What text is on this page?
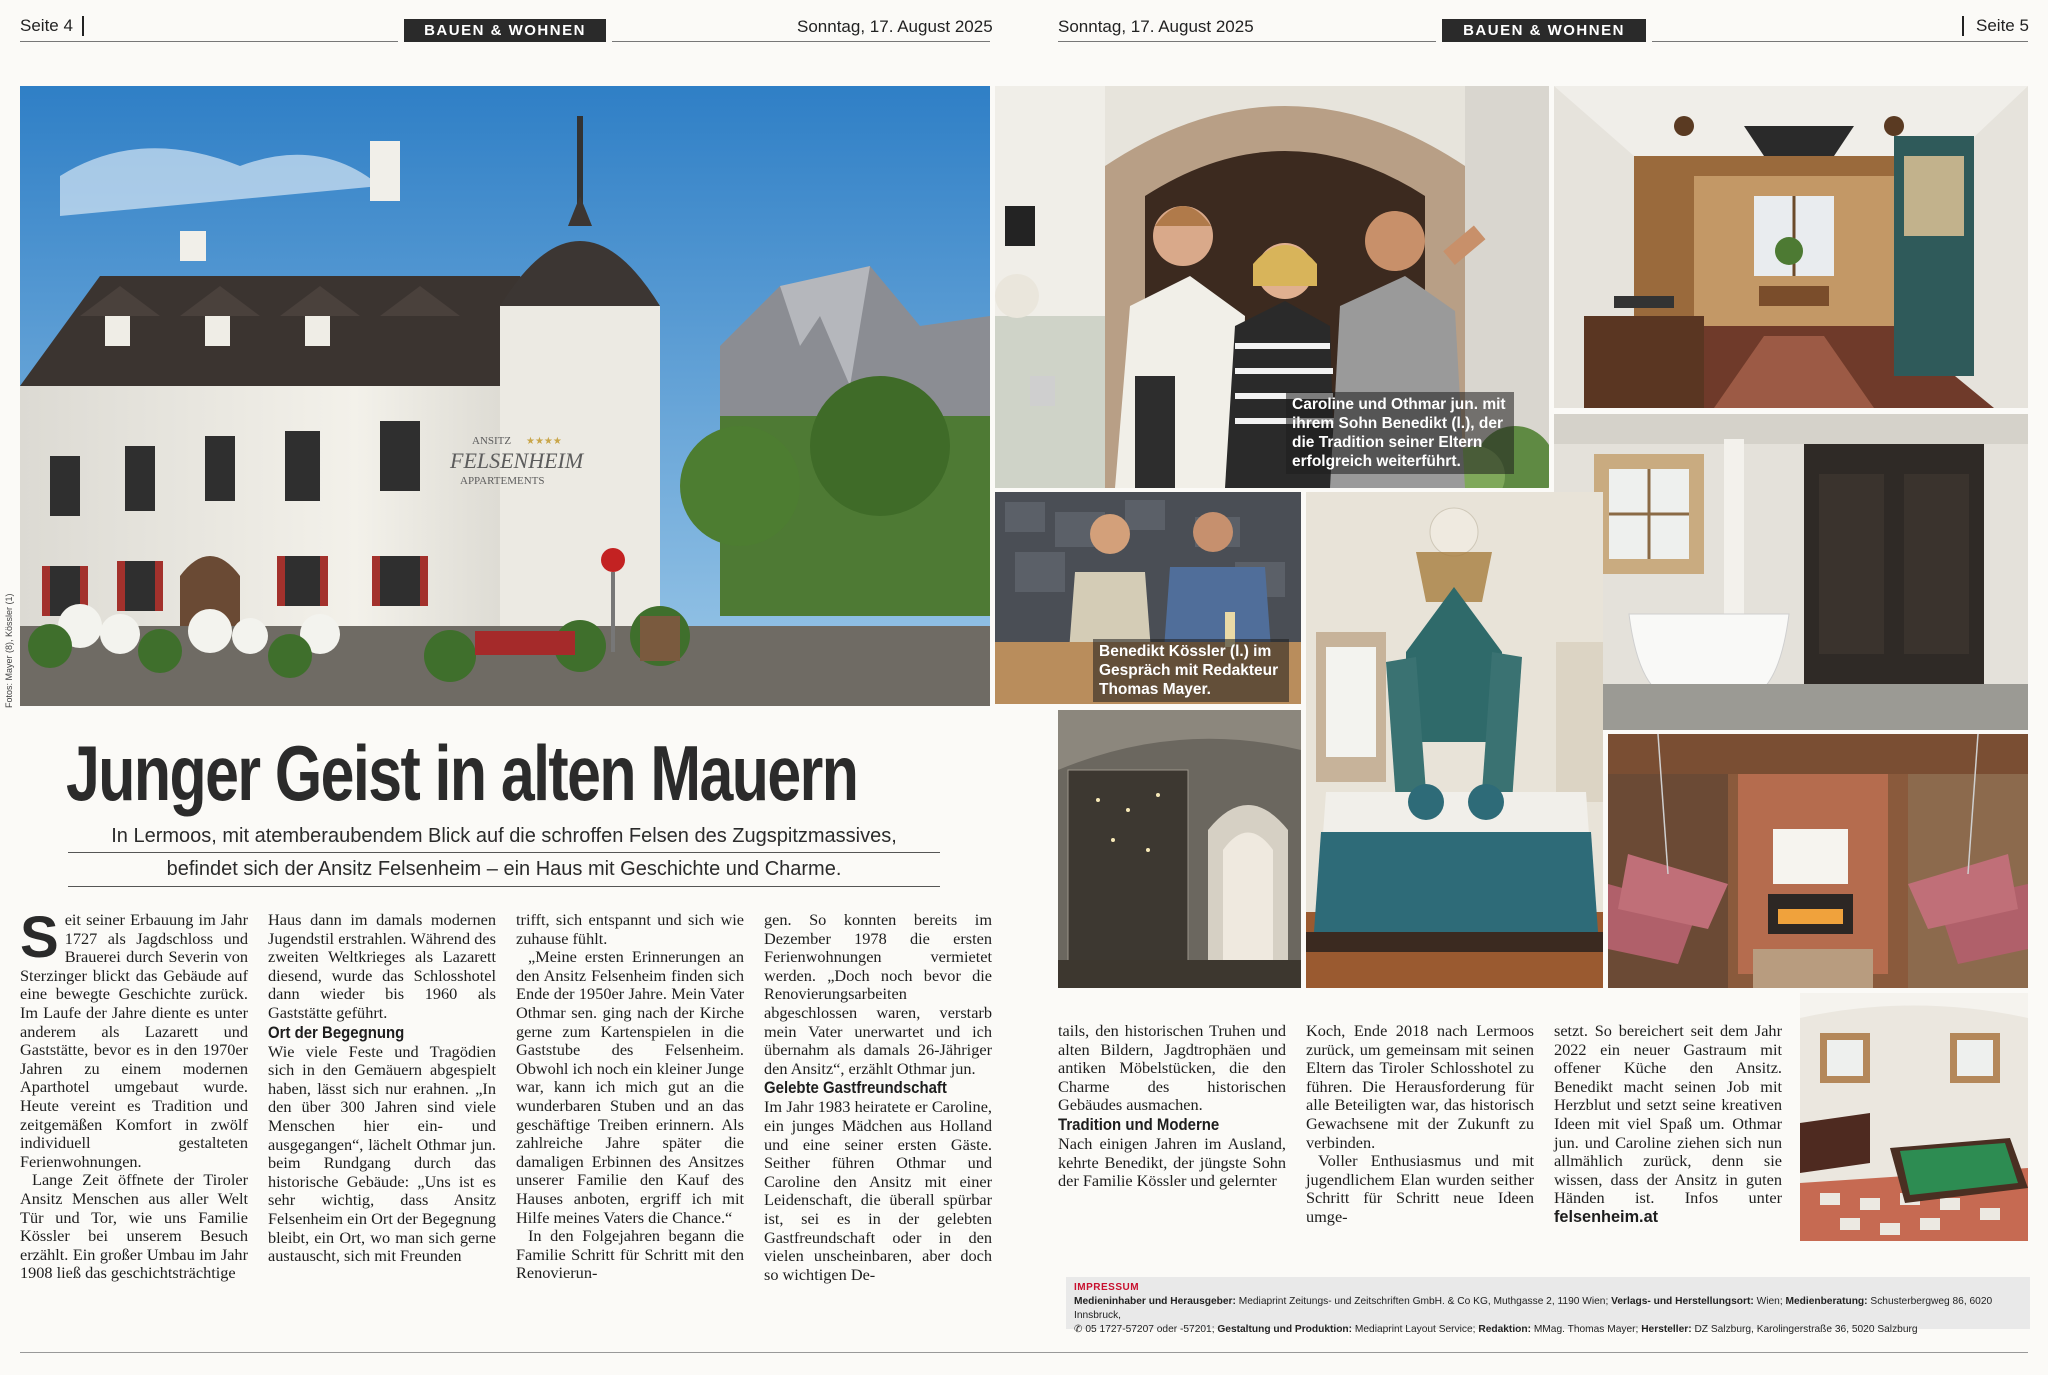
Seite 4	BAUEN & WOHNEN	Sonntag, 17. August 2025	Sonntag, 17. August 2025	BAUEN & WOHNEN	Seite 5
ANSITZ ★★★★
FELSENHEIM
APPARTEMENTS
Fotos: Mayer (8), Kössler (1)
Caroline und Othmar jun. mit ihrem Sohn Benedikt (l.), der die Tradition seiner Eltern erfolgreich weiterführt.
Benedikt Kössler (l.) im Gespräch mit Redakteur Thomas Mayer.
Junger Geist in alten Mauern
In Lermoos, mit atemberaubendem Blick auf die schroffen Felsen des Zugspitzmassives,
befindet sich der Ansitz Felsenheim – ein Haus mit Geschichte und Charme.

Seit seiner Erbauung im Jahr 1727 als Jagdschloss und Brauerei durch Severin von Sterzinger blickt das Gebäude auf eine bewegte Geschichte zurück. Im Laufe der Jahre diente es unter anderem als Lazarett und Gaststätte, bevor es in den 1970er Jahren zu einem modernen Aparthotel umgebaut wurde. Heute vereint es Tradition und zeitgemäßen Komfort in zwölf individuell gestalteten Ferienwohnungen.

Lange Zeit öffnete der Tiroler Ansitz Menschen aus aller Welt Tür und Tor, wie uns Familie Kössler bei unserem Besuch erzählt. Ein großer Umbau im Jahr 1908 ließ das geschichtsträchtige

Haus dann im damals modernen Jugendstil erstrahlen. Während des zweiten Weltkrieges als Lazarett diesend, wurde das Schlosshotel dann wieder bis 1960 als Gaststätte geführt.

Ort der Begegnung

Wie viele Feste und Tragödien sich in den Gemäuern abgespielt haben, lässt sich nur erahnen. „In den über 300 Jahren sind viele Menschen hier ein- und ausgegangen“, lächelt Othmar jun. beim Rundgang durch das historische Gebäude: „Uns ist es sehr wichtig, dass Ansitz Felsenheim ein Ort der Begegnung bleibt, ein Ort, wo man sich gerne austauscht, sich mit Freunden

trifft, sich entspannt und sich wie zuhause fühlt.

„Meine ersten Erinnerungen an den Ansitz Felsenheim finden sich Ende der 1950er Jahre. Mein Vater Othmar sen. ging nach der Kirche gerne zum Kartenspielen in die Gaststube des Felsenheim. Obwohl ich noch ein kleiner Junge war, kann ich mich gut an die wunderbaren Stuben und an das geschäftige Treiben erinnern. Als zahlreiche Jahre später die damaligen Erbinnen des Ansitzes unserer Familie den Kauf des Hauses anboten, ergriff ich mit Hilfe meines Vaters die Chance.“

In den Folgejahren begann die Familie Schritt für Schritt mit den Renovierun-

gen. So konnten bereits im Dezember 1978 die ersten Ferienwohnungen vermietet werden. „Doch noch bevor die Renovierungsarbeiten abgeschlossen waren, verstarb mein Vater unerwartet und ich übernahm als damals 26-Jähriger den Ansitz“, erzählt Othmar jun.

Gelebte Gastfreundschaft

Im Jahr 1983 heiratete er Caroline, ein junges Mädchen aus Holland und eine seiner ersten Gäste. Seither führen Othmar und Caroline den Ansitz mit einer Leidenschaft, die überall spürbar ist, sei es in der gelebten Gastfreundschaft oder in den vielen unscheinbaren, aber doch so wichtigen De-

tails, den historischen Truhen und alten Bildern, Jagdtrophäen und antiken Möbelstücken, die den Charme des historischen Gebäudes ausmachen.

Tradition und Moderne

Nach einigen Jahren im Ausland, kehrte Benedikt, der jüngste Sohn der Familie Kössler und gelernter

Koch, Ende 2018 nach Lermoos zurück, um gemeinsam mit seinen Eltern das Tiroler Schlosshotel zu führen. Die Herausforderung für alle Beteiligten war, das historisch Gewachsene mit der Zukunft zu verbinden.

Voller Enthusiasmus und mit jugendlichem Elan wurden seither Schritt für Schritt neue Ideen umge-

setzt. So bereichert seit dem Jahr 2022 ein neuer Gastraum mit offener Küche den Ansitz. Benedikt macht seinen Job mit Herzblut und setzt seine kreativen Ideen mit viel Spaß um. Othmar jun. und Caroline ziehen sich nun allmählich zurück, denn sie wissen, dass der Ansitz in guten Händen ist. Infos unter felsenheim.at

IMPRESSUM
Medieninhaber und Herausgeber: Mediaprint Zeitungs- und Zeitschriften GmbH. & Co KG, Muthgasse 2, 1190 Wien; Verlags- und Herstellungsort: Wien; Medienberatung: Schusterbergweg 86, 6020 Innsbruck,
✆ 05 1727-57207 oder -57201; Gestaltung und Produktion: Mediaprint Layout Service; Redaktion: MMag. Thomas Mayer; Hersteller: DZ Salzburg, Karolingerstraße 36, 5020 Salzburg
